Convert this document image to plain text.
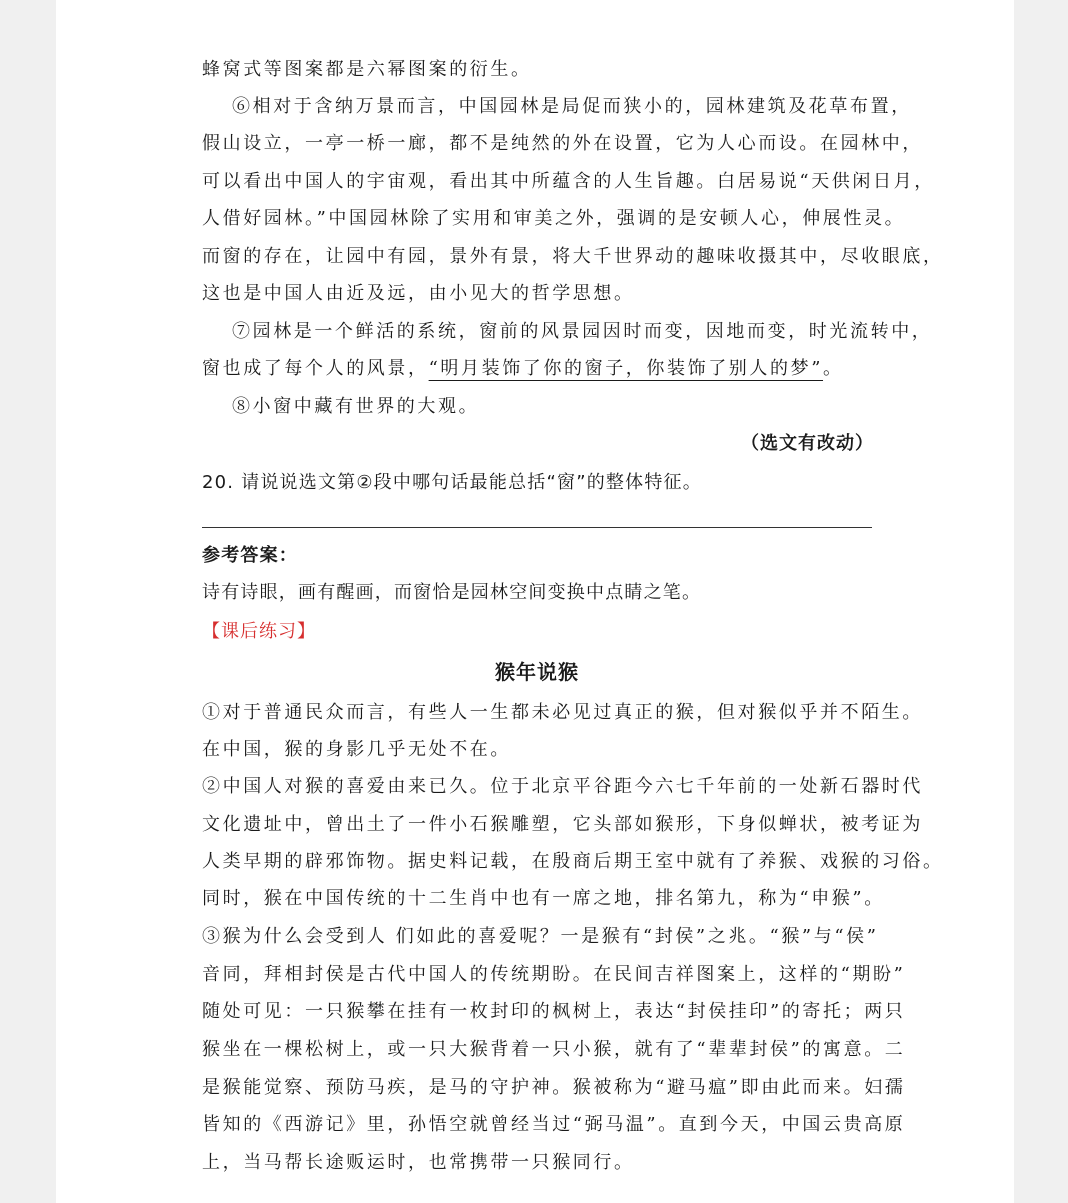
蜂窝式等图案都是六幂图案的衍生。
⑥相对于含纳万景而言，中国园林是局促而狭小的，园林建筑及花草布置，
假山设立，一亭一桥一廊，都不是纯然的外在设置，它为人心而设。在园林中，
可以看出中国人的宇宙观，看出其中所蕴含的人生旨趣。白居易说“天供闲日月，
人借好园林。”中国园林除了实用和审美之外，强调的是安顿人心，伸展性灵。
而窗的存在，让园中有园，景外有景，将大千世界动的趣味收摄其中，尽收眼底，
这也是中国人由近及远，由小见大的哲学思想。
⑦园林是一个鲜活的系统，窗前的风景园因时而变，因地而变，时光流转中，
窗也成了每个人的风景，“明月装饰了你的窗子，你装饰了别人的梦”。
⑧小窗中藏有世界的大观。
（选文有改动）
20. 请说说选文第②段中哪句话最能总括“窗”的整体特征。
参考答案：
诗有诗眼，画有醒画，而窗恰是园林空间变换中点睛之笔。
【课后练习】
猴年说猴
①对于普通民众而言，有些人一生都未必见过真正的猴，但对猴似乎并不陌生。
在中国，猴的身影几乎无处不在。
②中国人对猴的喜爱由来已久。位于北京平谷距今六七千年前的一处新石器时代
文化遗址中，曾出土了一件小石猴雕塑，它头部如猴形，下身似蝉状，被考证为
人类早期的辟邪饰物。据史料记载，在殷商后期王室中就有了养猴、戏猴的习俗。
同时，猴在中国传统的十二生肖中也有一席之地，排名第九，称为“申猴”。
③猴为什么会受到人 们如此的喜爱呢？一是猴有“封侯”之兆。“猴”与“侯”
音同，拜相封侯是古代中国人的传统期盼。在民间吉祥图案上，这样的“期盼”
随处可见：一只猴攀在挂有一枚封印的枫树上，表达“封侯挂印”的寄托；两只
猴坐在一棵松树上，或一只大猴背着一只小猴，就有了“辈辈封侯”的寓意。二
是猴能觉察、预防马疾，是马的守护神。猴被称为“避马瘟”即由此而来。妇孺
皆知的《西游记》里，孙悟空就曾经当过“弼马温”。直到今天，中国云贵高原
上，当马帮长途贩运时，也常携带一只猴同行。
